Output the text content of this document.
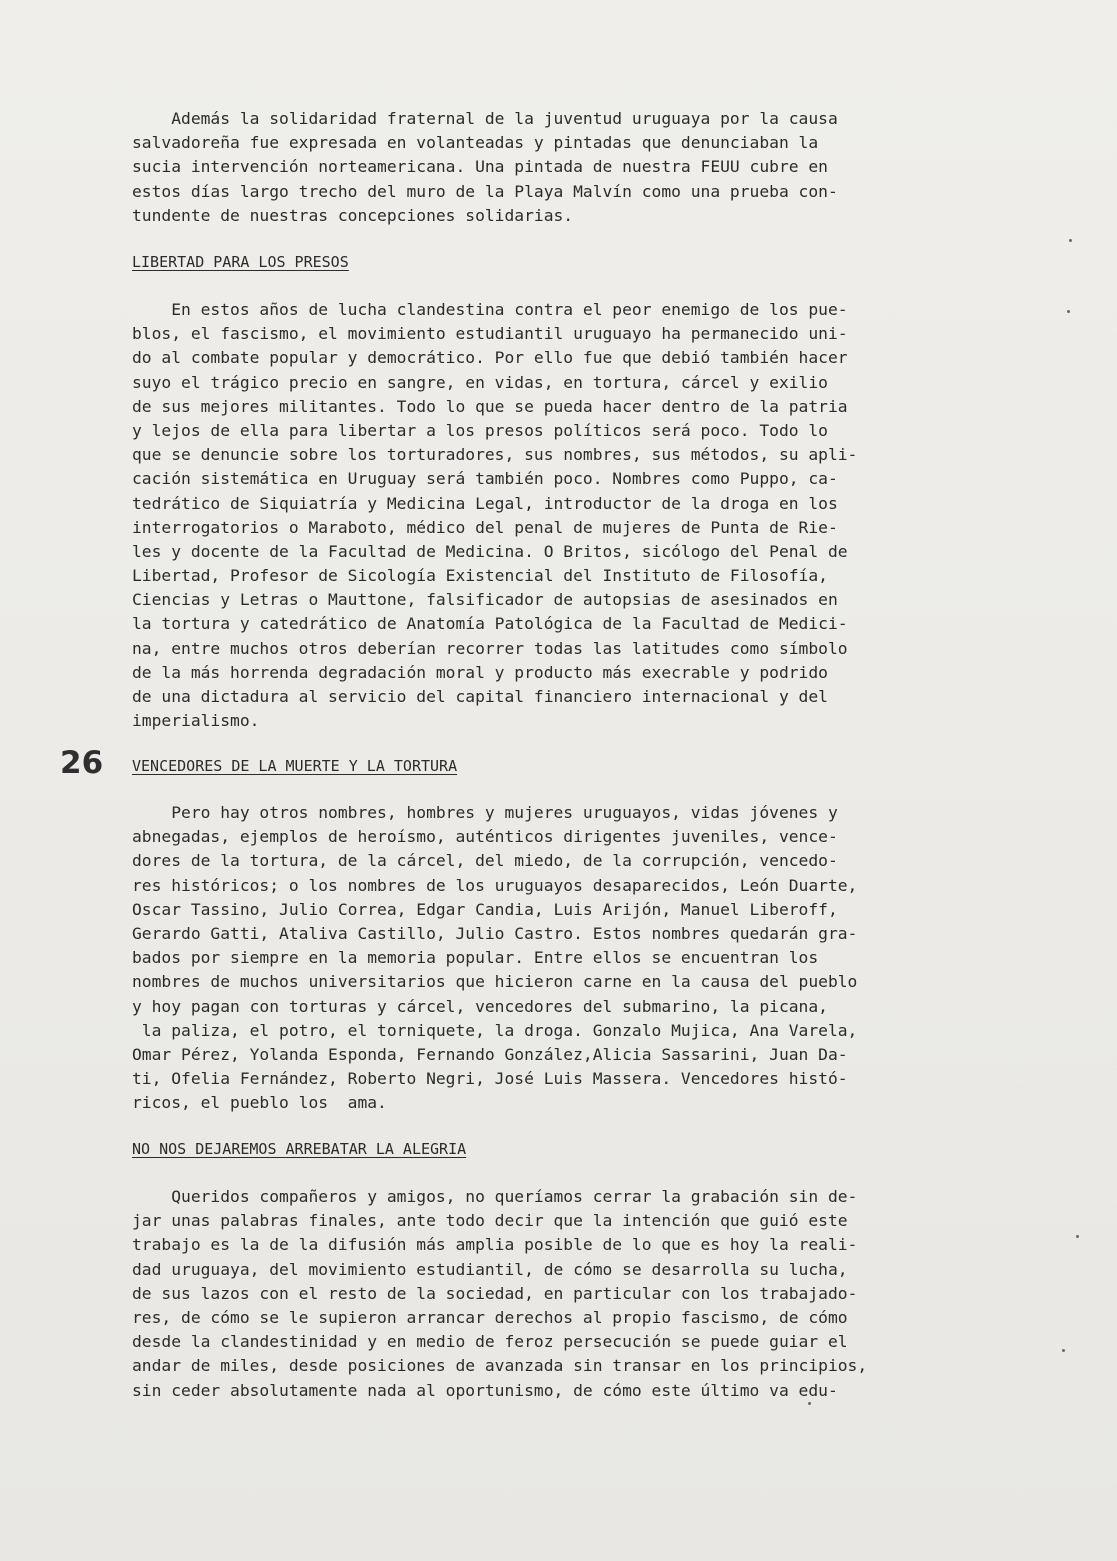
Además la solidaridad fraternal de la juventud uruguaya por la causa
salvadoreña fue expresada en volanteadas y pintadas que denunciaban la
sucia intervención norteamericana. Una pintada de nuestra FEUU cubre en
estos días largo trecho del muro de la Playa Malvín como una prueba con-
tundente de nuestras concepciones solidarias.
LIBERTAD PARA LOS PRESOS
En estos años de lucha clandestina contra el peor enemigo de los pue-
blos, el fascismo, el movimiento estudiantil uruguayo ha permanecido uni-
do al combate popular y democrático. Por ello fue que debió también hacer
suyo el trágico precio en sangre, en vidas, en tortura, cárcel y exilio
de sus mejores militantes. Todo lo que se pueda hacer dentro de la patria
y lejos de ella para libertar a los presos políticos será poco. Todo lo
que se denuncie sobre los torturadores, sus nombres, sus métodos, su apli-
cación sistemática en Uruguay será también poco. Nombres como Puppo, ca-
tedrático de Siquiatría y Medicina Legal, introductor de la droga en los
interrogatorios o Maraboto, médico del penal de mujeres de Punta de Rie-
les y docente de la Facultad de Medicina. O Britos, sicólogo del Penal de
Libertad, Profesor de Sicología Existencial del Instituto de Filosofía,
Ciencias y Letras o Mauttone, falsificador de autopsias de asesinados en
la tortura y catedrático de Anatomía Patológica de la Facultad de Medici-
na, entre muchos otros deberían recorrer todas las latitudes como símbolo
de la más horrenda degradación moral y producto más execrable y podrido
de una dictadura al servicio del capital financiero internacional y del
imperialismo.
26 VENCEDORES DE LA MUERTE Y LA TORTURA
Pero hay otros nombres, hombres y mujeres uruguayos, vidas jóvenes y
abnegadas, ejemplos de heroísmo, auténticos dirigentes juveniles, vence-
dores de la tortura, de la cárcel, del miedo, de la corrupción, vencedo-
res históricos; o los nombres de los uruguayos desaparecidos, León Duarte,
Oscar Tassino, Julio Correa, Edgar Candia, Luis Arijón, Manuel Liberoff,
Gerardo Gatti, Ataliva Castillo, Julio Castro. Estos nombres quedarán gra-
bados por siempre en la memoria popular. Entre ellos se encuentran los
nombres de muchos universitarios que hicieron carne en la causa del pueblo
y hoy pagan con torturas y cárcel, vencedores del submarino, la picana,
la paliza, el potro, el torniquete, la droga. Gonzalo Mujica, Ana Varela,
Omar Pérez, Yolanda Esponda, Fernando González,Alicia Sassarini, Juan Da-
ti, Ofelia Fernández, Roberto Negri, José Luis Massera. Vencedores histó-
ricos, el pueblo los  ama.
NO NOS DEJAREMOS ARREBATAR LA ALEGRIA
Queridos compañeros y amigos, no queríamos cerrar la grabación sin de-
jar unas palabras finales, ante todo decir que la intención que guió este
trabajo es la de la difusión más amplia posible de lo que es hoy la reali-
dad uruguaya, del movimiento estudiantil, de cómo se desarrolla su lucha,
de sus lazos con el resto de la sociedad, en particular con los trabajado-
res, de cómo se le supieron arrancar derechos al propio fascismo, de cómo
desde la clandestinidad y en medio de feroz persecución se puede guiar el
andar de miles, desde posiciones de avanzada sin transar en los principios,
sin ceder absolutamente nada al oportunismo, de cómo este último va edu-
